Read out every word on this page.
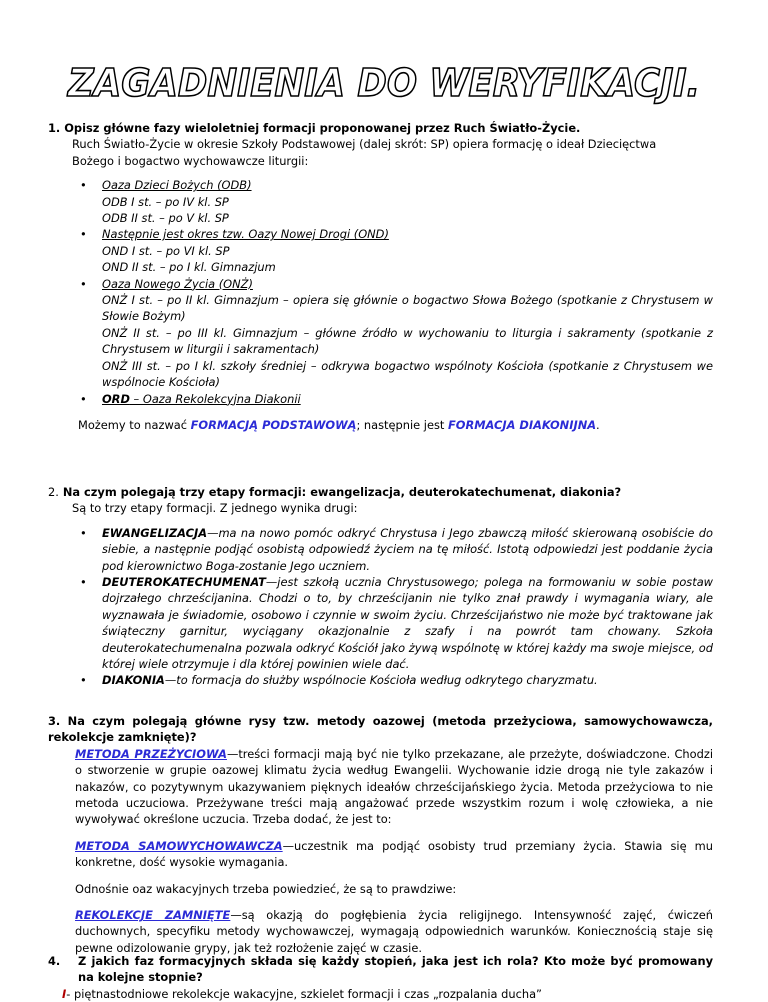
ZAGADNIENIA DO WERYFIKACJI.
1. Opisz główne fazy wieloletniej formacji proponowanej przez Ruch Światło-Życie.
Ruch Światło-Życie w okresie Szkoły Podstawowej (dalej skrót: SP) opiera formację o ideał Dziecięctwa
Bożego i bogactwo wychowawcze liturgii:
• Oaza Dzieci Bożych (ODB)
ODB I st. – po IV kl. SP
ODB II st. – po V kl. SP
• Następnie jest okres tzw. Oazy Nowej Drogi (OND)
OND I st. – po VI kl. SP
OND II st. – po I kl. Gimnazjum
• Oaza Nowego Życia (ONŻ)
ONŻ I st. – po II kl. Gimnazjum – opiera się głównie o bogactwo Słowa Bożego (spotkanie z Chrystusem w Słowie Bożym)
ONŻ II st. – po III kl. Gimnazjum – główne źródło w wychowaniu to liturgia i sakramenty (spotkanie z Chrystusem w liturgii i sakramentach)
ONŻ III st. – po I kl. szkoły średniej – odkrywa bogactwo wspólnoty Kościoła (spotkanie z Chrystusem we wspólnocie Kościoła)
• ORD – Oaza Rekolekcyjna Diakonii
Możemy to nazwać FORMACJĄ PODSTAWOWĄ; następnie jest FORMACJA DIAKONIJNA.
2. Na czym polegają trzy etapy formacji: ewangelizacja, deuterokatechumenat, diakonia?
Są to trzy etapy formacji. Z jednego wynika drugi:
• EWANGELIZACJA—ma na nowo pomóc odkryć Chrystusa i Jego zbawczą miłość skierowaną osobiście do siebie, a następnie podjąć osobistą odpowiedź życiem na tę miłość. Istotą odpowiedzi jest poddanie życia pod kierownictwo Boga-zostanie Jego uczniem.
• DEUTEROKATECHUMENAT—jest szkołą ucznia Chrystusowego; polega na formowaniu w sobie postaw dojrzałego chrześcijanina. Chodzi o to, by chrześcijanin nie tylko znał prawdy i wymagania wiary, ale wyznawała je świadomie, osobowo i czynnie w swoim życiu. Chrześcijaństwo nie może być traktowane jak świąteczny garnitur, wyciągany okazjonalnie z szafy i na powrót tam chowany. Szkoła deuterokatechumenalna pozwala odkryć Kościół jako żywą wspólnotę w której każdy ma swoje miejsce, od której wiele otrzymuje i dla której powinien wiele dać.
• DIAKONIA—to formacja do służby wspólnocie Kościoła według odkrytego charyzmatu.
3. Na czym polegają główne rysy tzw. metody oazowej (metoda przeżyciowa, samowychowawcza, rekolekcje zamknięte)?
METODA PRZEŻYCIOWA—treści formacji mają być nie tylko przekazane, ale przeżyte, doświadczone. Chodzi o stworzenie w grupie oazowej klimatu życia według Ewangelii. Wychowanie idzie drogą nie tyle zakazów i nakazów, co pozytywnym ukazywaniem pięknych ideałów chrześcijańskiego życia. Metoda przeżyciowa to nie metoda uczuciowa. Przeżywane treści mają angażować przede wszystkim rozum i wolę człowieka, a nie wywoływać określone uczucia. Trzeba dodać, że jest to:
METODA SAMOWYCHOWAWCZA—uczestnik ma podjąć osobisty trud przemiany życia. Stawia się mu konkretne, dość wysokie wymagania.
Odnośnie oaz wakacyjnych trzeba powiedzieć, że są to prawdziwe:
REKOLEKCJE ZAMNIĘTE—są okazją do pogłębienia życia religijnego. Intensywność zajęć, ćwiczeń duchownych, specyfiku metody wychowawczej, wymagają odpowiednich warunków. Koniecznością staje się pewne odizolowanie grypy, jak też rozłożenie zajęć w czasie.
4. Z jakich faz formacyjnych składa się każdy stopień, jaka jest ich rola? Kto może być promowany na kolejne stopnie?
I- piętnastodniowe rekolekcje wakacyjne, szkielet formacji i czas „rozpalania ducha”
